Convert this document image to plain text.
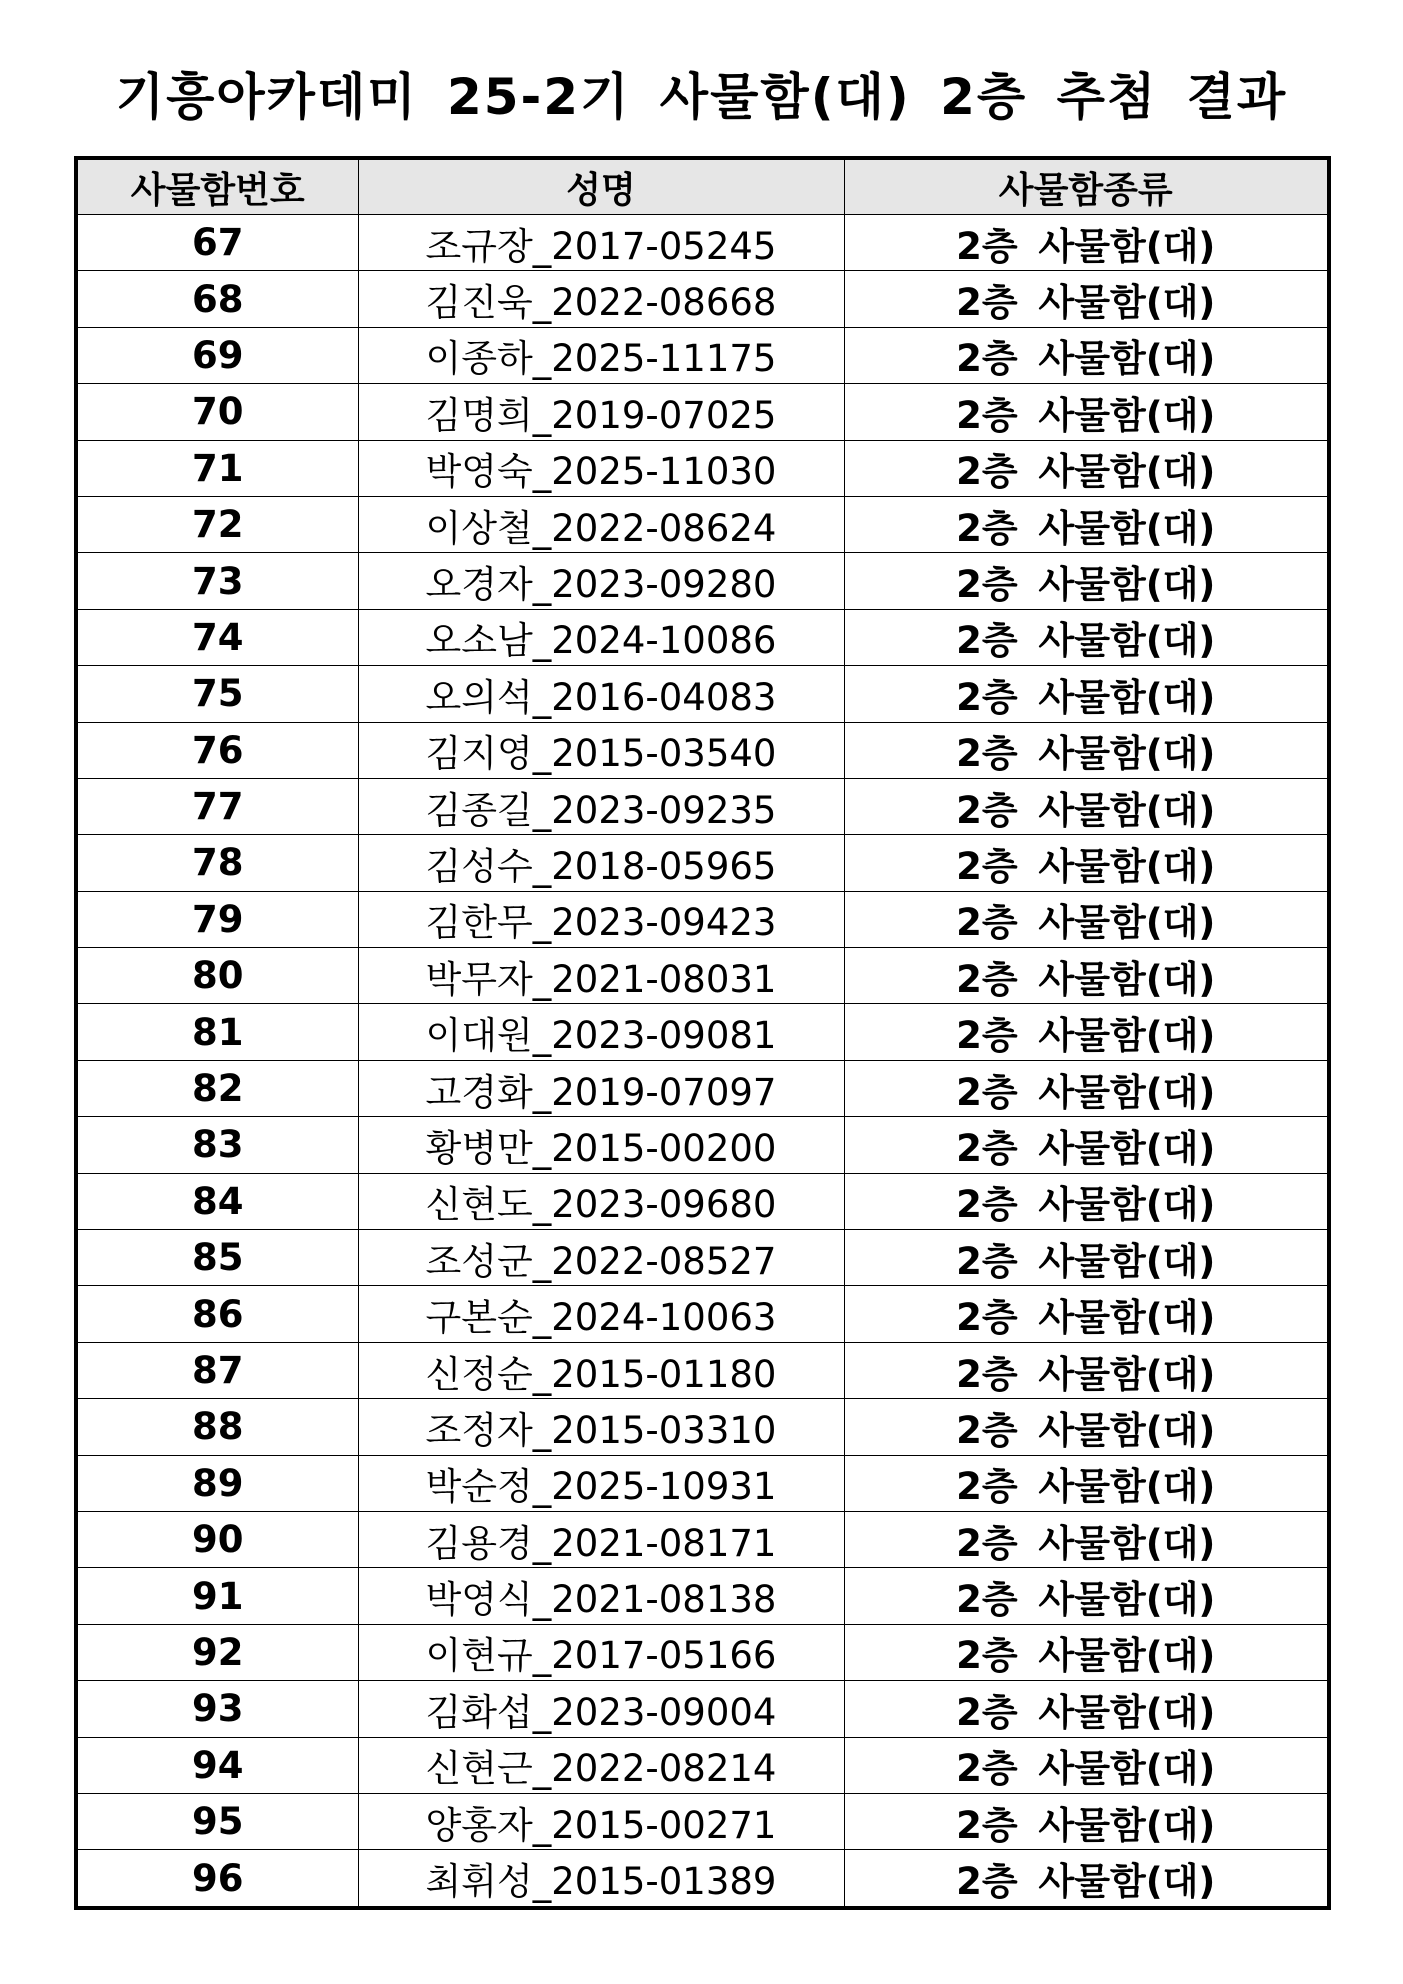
기흥아카데미 25-2기 사물함(대) 2층 추첨 결과
사물함번호	성명	사물함종류
67	조규장_2017-05245	2층 사물함(대)
68	김진욱_2022-08668	2층 사물함(대)
69	이종하_2025-11175	2층 사물함(대)
70	김명희_2019-07025	2층 사물함(대)
71	박영숙_2025-11030	2층 사물함(대)
72	이상철_2022-08624	2층 사물함(대)
73	오경자_2023-09280	2층 사물함(대)
74	오소남_2024-10086	2층 사물함(대)
75	오의석_2016-04083	2층 사물함(대)
76	김지영_2015-03540	2층 사물함(대)
77	김종길_2023-09235	2층 사물함(대)
78	김성수_2018-05965	2층 사물함(대)
79	김한무_2023-09423	2층 사물함(대)
80	박무자_2021-08031	2층 사물함(대)
81	이대원_2023-09081	2층 사물함(대)
82	고경화_2019-07097	2층 사물함(대)
83	황병만_2015-00200	2층 사물함(대)
84	신현도_2023-09680	2층 사물함(대)
85	조성군_2022-08527	2층 사물함(대)
86	구본순_2024-10063	2층 사물함(대)
87	신정순_2015-01180	2층 사물함(대)
88	조정자_2015-03310	2층 사물함(대)
89	박순정_2025-10931	2층 사물함(대)
90	김용경_2021-08171	2층 사물함(대)
91	박영식_2021-08138	2층 사물함(대)
92	이현규_2017-05166	2층 사물함(대)
93	김화섭_2023-09004	2층 사물함(대)
94	신현근_2022-08214	2층 사물함(대)
95	양홍자_2015-00271	2층 사물함(대)
96	최휘성_2015-01389	2층 사물함(대)
